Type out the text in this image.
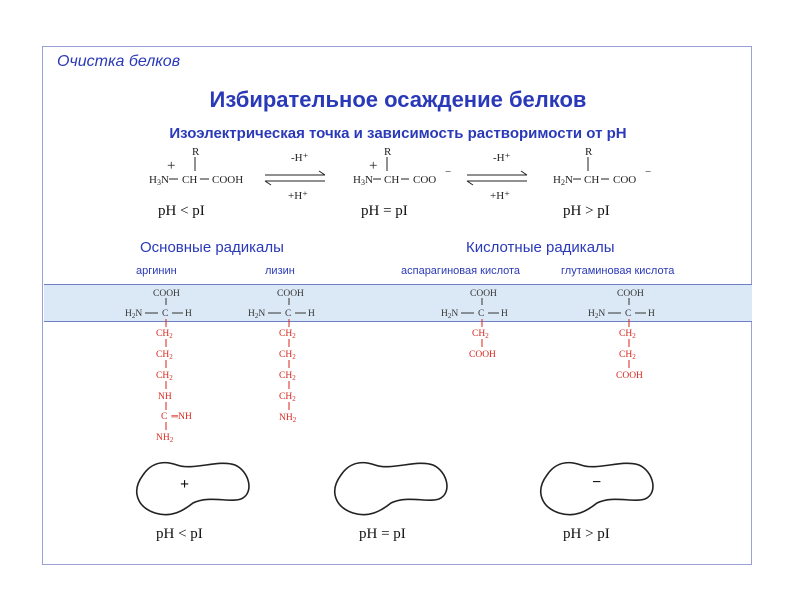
Очистка белков
Избирательное осаждение белков
Изоэлектрическая точка и зависимость растворимости от pH
R
+
H3N CH COOH
-H⁺
+H⁺
R
+
H3N CH COO
−
-H⁺
+H⁺
R
H2N CH COO
−
pH < pI	pH = pI	pH > pI
Основные радикалы	Кислотные радикалы
аргинин	лизин	аспарагиновая кислота	глутаминовая кислота
COOH
$H_2N$ C H
$CH_2$
$CH_2$
$CH_2$
NH
C ═NH
$NH_2$
COOH
$H_2N$ C H
$CH_2$
$CH_2$
$CH_2$
$CH_2$
$NH_2$
COOH
$H_2N$ C H
$CH_2$
COOH
COOH
$H_2N$ C H
$CH_2$
$CH_2$
COOH
+	−
pH < pI	pH = pI	pH > pI
